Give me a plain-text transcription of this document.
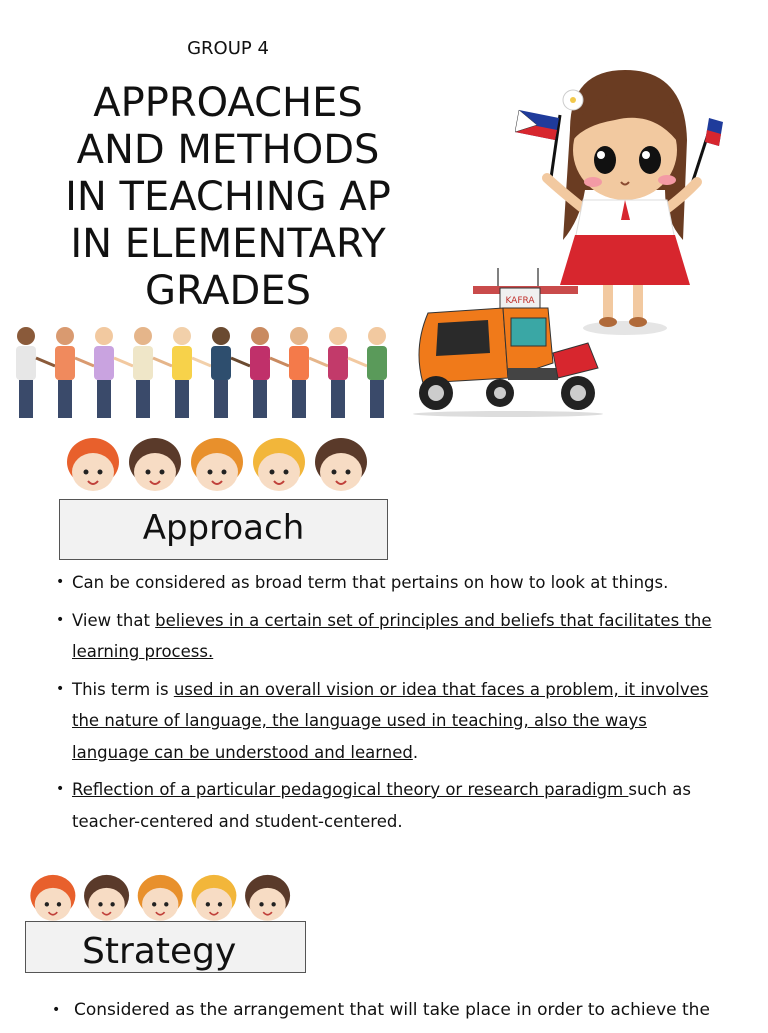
GROUP 4
APPROACHES
AND METHODS
IN TEACHING AP
IN ELEMENTARY
GRADES	KAFRA
Approach
• Can be considered as broad term that pertains on how to look at things.
• View that believes in a certain set of principles and beliefs that facilitates the learning process.
• This term is used in an overall vision or idea that faces a problem, it involves the nature of language, the language used in teaching, also the ways language can be understood and learned.
• Reflection of a particular pedagogical theory or research paradigm such as teacher-centered and student-centered.
Strategy
• Considered as the arrangement that will take place in order to achieve the
